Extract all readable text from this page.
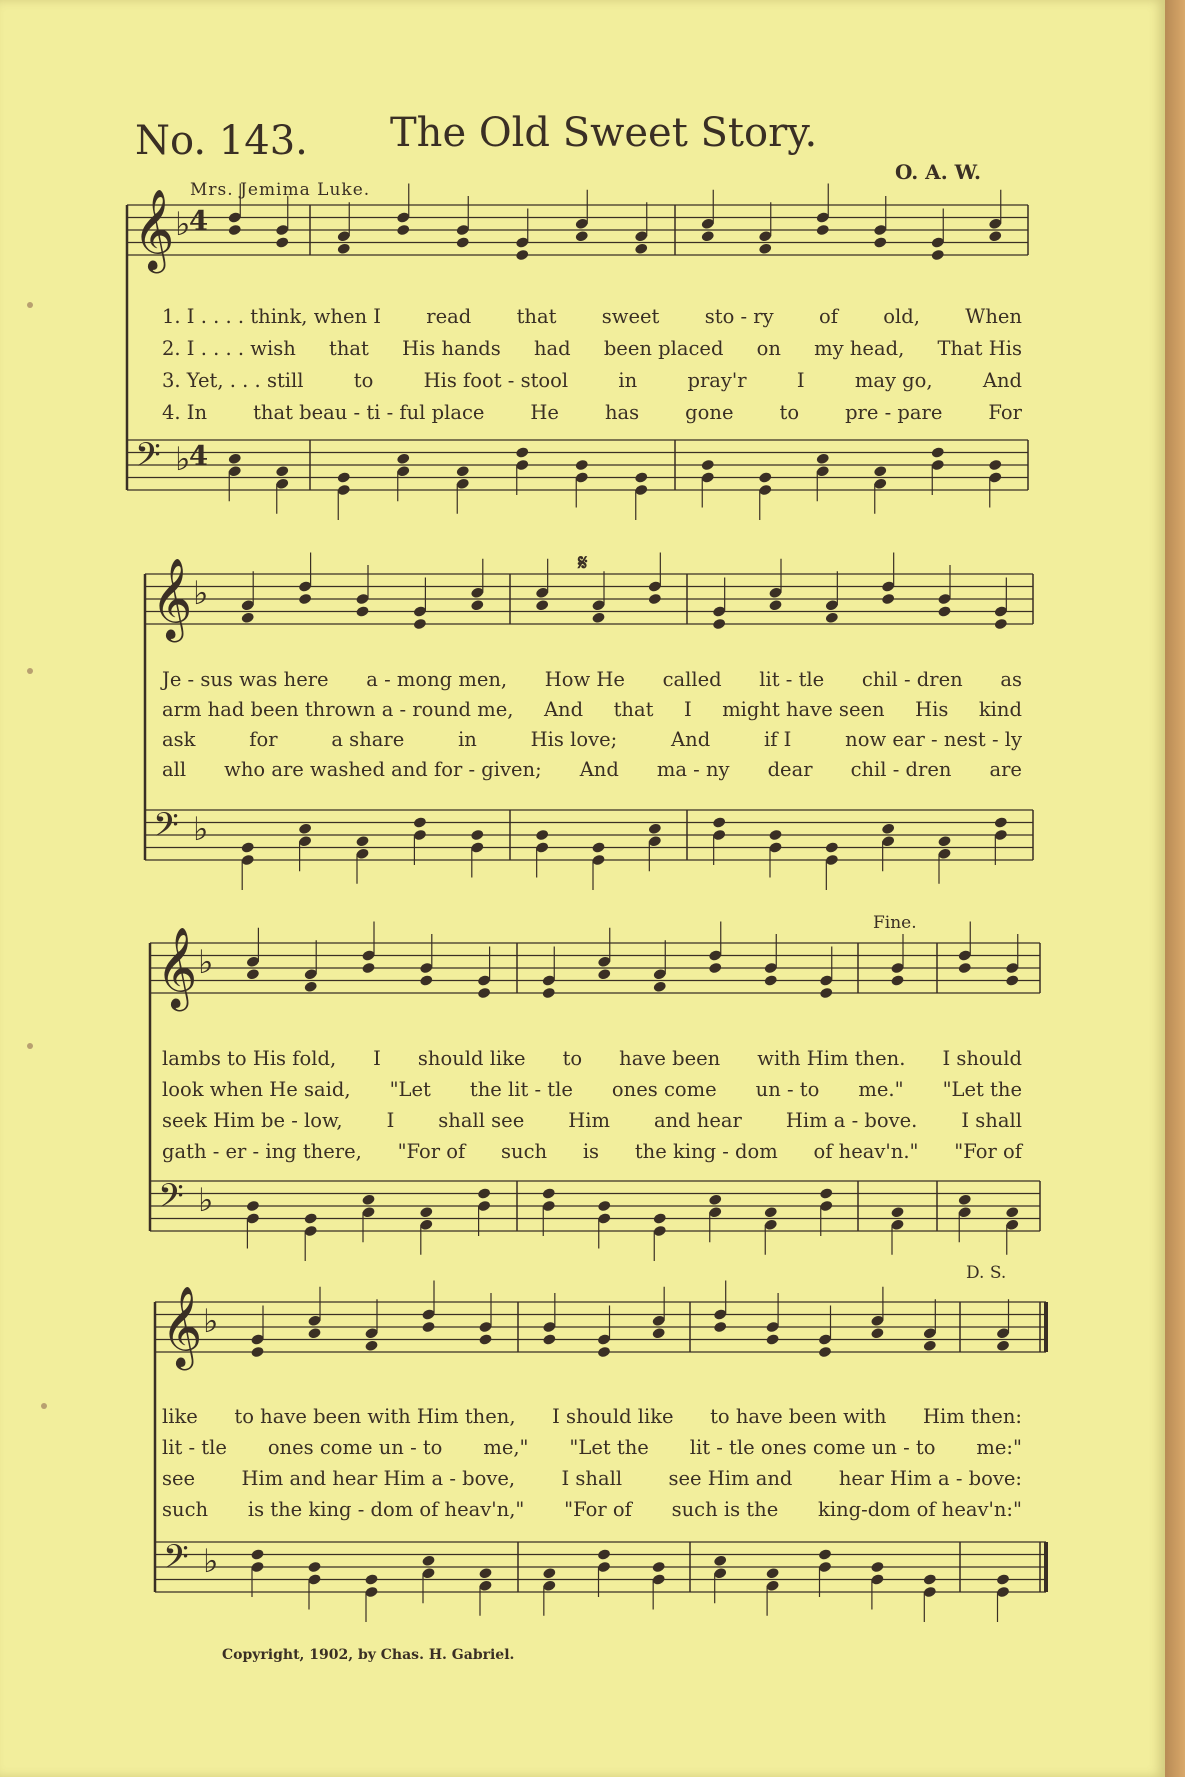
No. 143. The Old Sweet Story.
Mrs. Jemima Luke.
O. A. W.
𝄋
Fine.
D. S.
𝄞
𝄢
♭
♭
4
4
𝄞
𝄢
♭
♭
𝄞
𝄢
♭
♭
𝄞
𝄢
♭
♭
1. I . . . . think, when I read that sweet sto - ry of old, When
2. I . . . . wish that His hands had been placed on my head, That His
3. Yet, . . . still	to	His foot - stool	in	pray'r	I	may go,	And
4. In that beau - ti - ful place He has gone to pre - pare For
Je - sus was here a - mong men, How He called lit - tle chil - dren as
arm had been thrown a - round me, And that I might have seen His kind
ask	for	a share	in	His love;	And	if I	now ear - nest - ly
all who are washed and for - given; And ma - ny dear chil - dren are
lambs to His fold, I should like to have been with Him then. I should
look when He said, "Let the lit - tle ones come un - to me." "Let the
seek Him be - low, I shall see Him and hear Him a - bove. I shall
gath - er - ing there, "For of such is the king - dom of heav'n." "For of
like to have been with Him then, I should like to have been with Him then:
lit - tle ones come un - to me," "Let the lit - tle ones come un - to me:"
see Him and hear Him a - bove, I shall see Him and hear Him a - bove:
such is the king - dom of heav'n," "For of such is the king-dom of heav'n:"
Copyright, 1902, by Chas. H. Gabriel.
